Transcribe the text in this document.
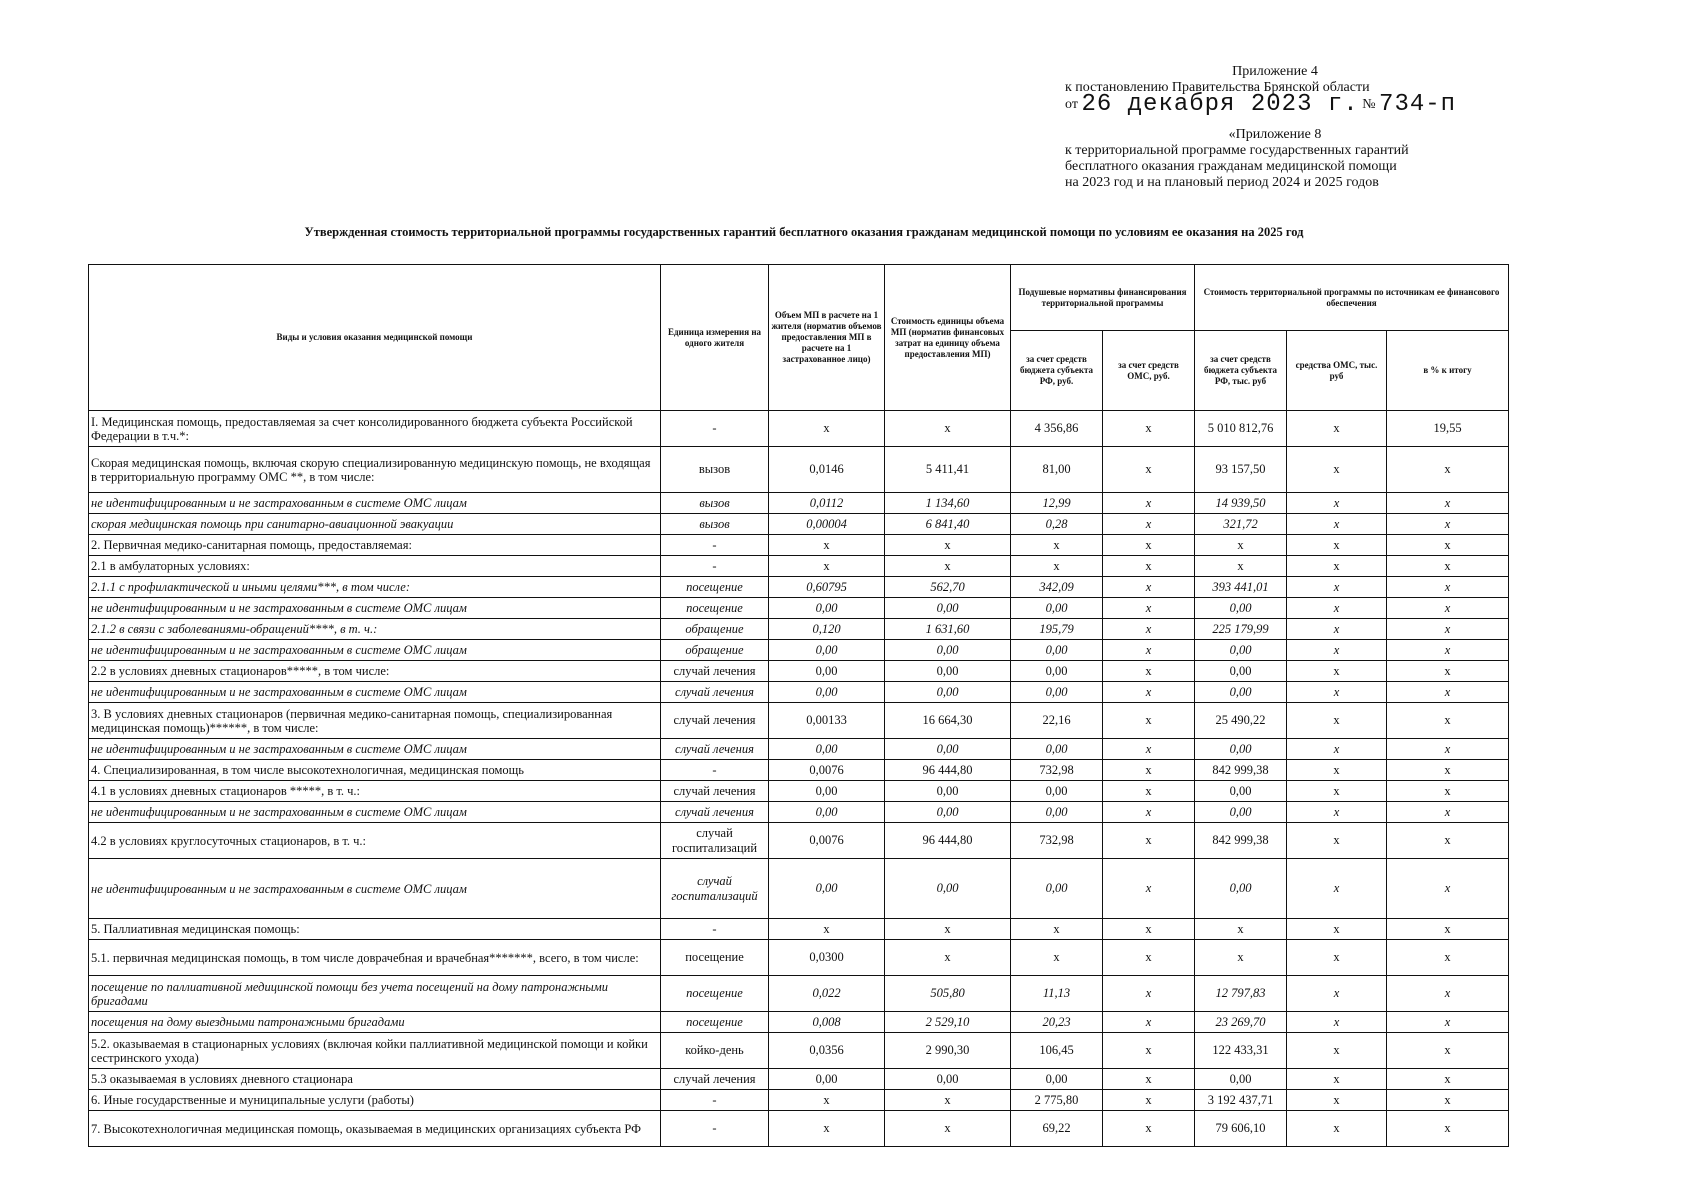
Приложение 4
к постановлению Правительства Брянской области
от 26 декабря 2023 г. № 734-п
«Приложение 8
к территориальной программе государственных гарантий
бесплатного оказания гражданам медицинской помощи
на 2023 год и на плановый период 2024 и 2025 годов
Утвержденная стоимость территориальной программы государственных гарантий бесплатного оказания гражданам медицинской помощи по условиям ее оказания на 2025 год
Виды и условия оказания медицинской помощи	Единица измерения на одного жителя	Объем МП в расчете на 1 жителя (норматив объемов предоставления МП в расчете на 1 застрахованное лицо)	Стоимость единицы объема МП (норматив финансовых затрат на единицу объема предоставления МП)	Подушевые нормативы финансирования территориальной программы		Стоимость территориальной программы по источникам ее финансового обеспечения		
				за счет средств бюджета субъекта РФ, руб.	за счет средств ОМС, руб.	за счет средств бюджета субъекта РФ, тыс. руб	средства ОМС, тыс. руб	в % к итогу
I. Медицинская помощь, предоставляемая за счет консолидированного бюджета субъекта Российской Федерации в т.ч.*:	-	x	x	4 356,86	x	5 010 812,76	x	19,55
Скорая медицинская помощь, включая скорую специализированную медицинскую помощь, не входящая в территориальную программу ОМС **, в том числе:	вызов	0,0146	5 411,41	81,00	x	93 157,50	x	x
не идентифицированным и не застрахованным в системе ОМС лицам	вызов	0,0112	1 134,60	12,99	x	14 939,50	x	x
скорая медицинская помощь при санитарно-авиационной эвакуации	вызов	0,00004	6 841,40	0,28	x	321,72	x	x
2. Первичная медико-санитарная помощь, предоставляемая:	-	x	x	x	x	x	x	x
2.1 в амбулаторных условиях:	-	x	x	x	x	x	x	x
2.1.1 с профилактической и иными целями***, в том числе:	посещение	0,60795	562,70	342,09	x	393 441,01	x	x
не идентифицированным и не застрахованным в системе ОМС лицам	посещение	0,00	0,00	0,00	x	0,00	x	x
2.1.2 в связи с заболеваниями-обращений****, в т. ч.:	обращение	0,120	1 631,60	195,79	x	225 179,99	x	x
не идентифицированным и не застрахованным в системе ОМС лицам	обращение	0,00	0,00	0,00	x	0,00	x	x
2.2 в условиях дневных стационаров*****, в том числе:	случай лечения	0,00	0,00	0,00	x	0,00	x	x
не идентифицированным и не застрахованным в системе ОМС лицам	случай лечения	0,00	0,00	0,00	x	0,00	x	x
3. В условиях дневных стационаров (первичная медико-санитарная помощь, специализированная медицинская помощь)******, в том числе:	случай лечения	0,00133	16 664,30	22,16	x	25 490,22	x	x
не идентифицированным и не застрахованным в системе ОМС лицам	случай лечения	0,00	0,00	0,00	x	0,00	x	x
4. Специализированная, в том числе высокотехнологичная, медицинская помощь	-	0,0076	96 444,80	732,98	x	842 999,38	x	x
4.1 в условиях дневных стационаров *****, в т. ч.:	случай лечения	0,00	0,00	0,00	x	0,00	x	x
не идентифицированным и не застрахованным в системе ОМС лицам	случай лечения	0,00	0,00	0,00	x	0,00	x	x
4.2 в условиях круглосуточных стационаров, в т. ч.:	случай госпитализаций	0,0076	96 444,80	732,98	x	842 999,38	x	x
не идентифицированным и не застрахованным в системе ОМС лицам	случай госпитализаций	0,00	0,00	0,00	x	0,00	x	x
5. Паллиативная медицинская помощь:	-	x	x	x	x	x	x	x
5.1. первичная медицинская помощь, в том числе доврачебная и врачебная*******, всего, в том числе:	посещение	0,0300	x	x	x	x	x	x
посещение по паллиативной медицинской помощи без учета посещений на дому патронажными бригадами	посещение	0,022	505,80	11,13	x	12 797,83	x	x
посещения на дому выездными патронажными бригадами	посещение	0,008	2 529,10	20,23	x	23 269,70	x	x
5.2. оказываемая в стационарных условиях (включая койки паллиативной медицинской помощи и койки сестринского ухода)	койко-день	0,0356	2 990,30	106,45	x	122 433,31	x	x
5.3 оказываемая в условиях дневного стационара	случай лечения	0,00	0,00	0,00	x	0,00	x	x
6. Иные государственные и муниципальные услуги (работы)	-	x	x	2 775,80	x	3 192 437,71	x	x
7. Высокотехнологичная медицинская помощь, оказываемая в медицинских организациях субъекта РФ	-	x	x	69,22	x	79 606,10	x	x
